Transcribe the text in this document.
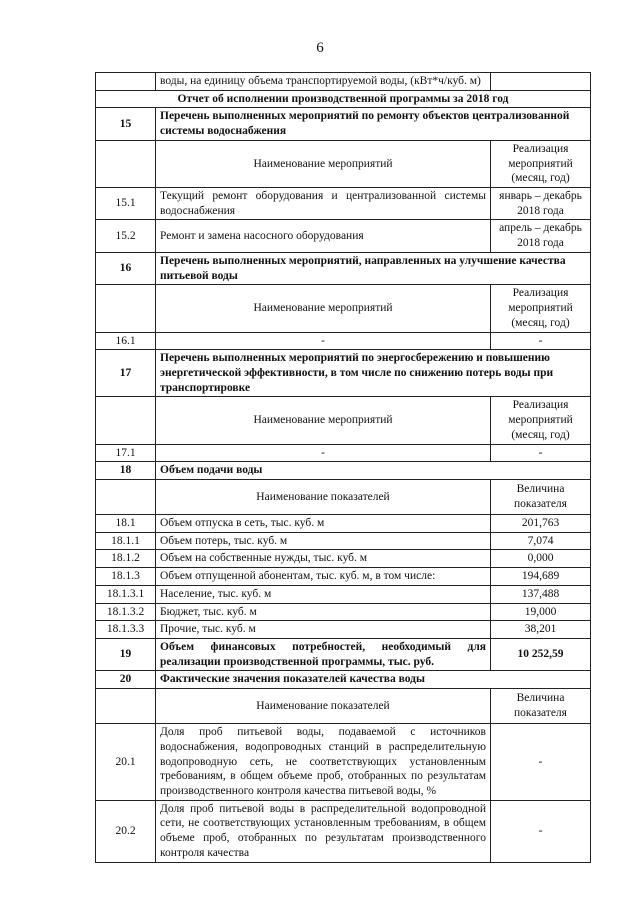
6
	воды, на единицу объема транспортируемой воды, (кВт*ч/куб. м)	
Отчет об исполнении производственной программы за 2018 год		
15	Перечень выполненных мероприятий по ремонту объектов централизованной системы водоснабжения	
	Наименование мероприятий	Реализация мероприятий (месяц, год)
15.1	Текущий ремонт оборудования и централизованной системы водоснабжения	январь – декабрь 2018 года
15.2	Ремонт и замена насосного оборудования	апрель – декабрь 2018 года
16	Перечень выполненных мероприятий, направленных на улучшение качества питьевой воды	
	Наименование мероприятий	Реализация мероприятий (месяц, год)
16.1	-	-
17	Перечень выполненных мероприятий по энергосбережению и повышению энергетической эффективности, в том числе по снижению потерь воды при транспортировке	
	Наименование мероприятий	Реализация мероприятий (месяц, год)
17.1	-	-
18	Объем подачи воды	
	Наименование показателей	Величина показателя
18.1	Объем отпуска в сеть, тыс. куб. м	201,763
18.1.1	Объем потерь, тыс. куб. м	7,074
18.1.2	Объем на собственные нужды, тыс. куб. м	0,000
18.1.3	Объем отпущенной абонентам, тыс. куб. м, в том числе:	194,689
18.1.3.1	Население, тыс. куб. м	137,488
18.1.3.2	Бюджет, тыс. куб. м	19,000
18.1.3.3	Прочие, тыс. куб. м	38,201
19	Объем финансовых потребностей, необходимый для реализации производственной программы, тыс. руб.	10 252,59
20	Фактические значения показателей качества воды	
	Наименование показателей	Величина показателя
20.1	Доля проб питьевой воды, подаваемой с источников водоснабжения, водопроводных станций в распределительную водопроводную сеть, не соответствующих установленным требованиям, в общем объеме проб, отобранных по результатам производственного контроля качества питьевой воды, %	-
20.2	Доля проб питьевой воды в распределительной водопроводной сети, не соответствующих установленным требованиям, в общем объеме проб, отобранных по результатам производственного контроля качества	-
